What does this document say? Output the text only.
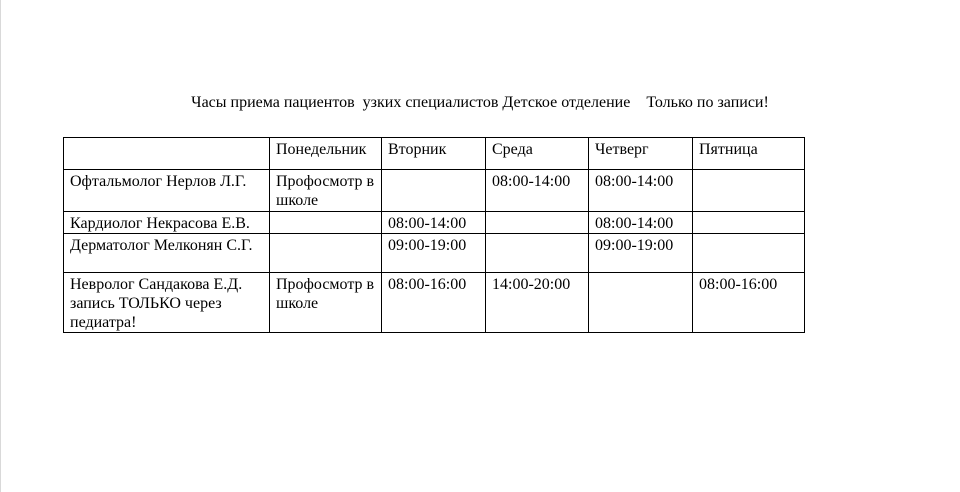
Часы приема пациентов  узких специалистов Детское отделение    Только по записи!
	Понедельник	Вторник	Среда	Четверг	Пятница
Офтальмолог Нерлов Л.Г.	Профосмотр в школе		08:00-14:00	08:00-14:00	
Кардиолог Некрасова Е.В.		08:00-14:00		08:00-14:00	
Дерматолог Мелконян С.Г.		09:00-19:00		09:00-19:00	
Невролог Сандакова Е.Д. запись ТОЛЬКО через педиатра!	Профосмотр в школе	08:00-16:00	14:00-20:00		08:00-16:00
